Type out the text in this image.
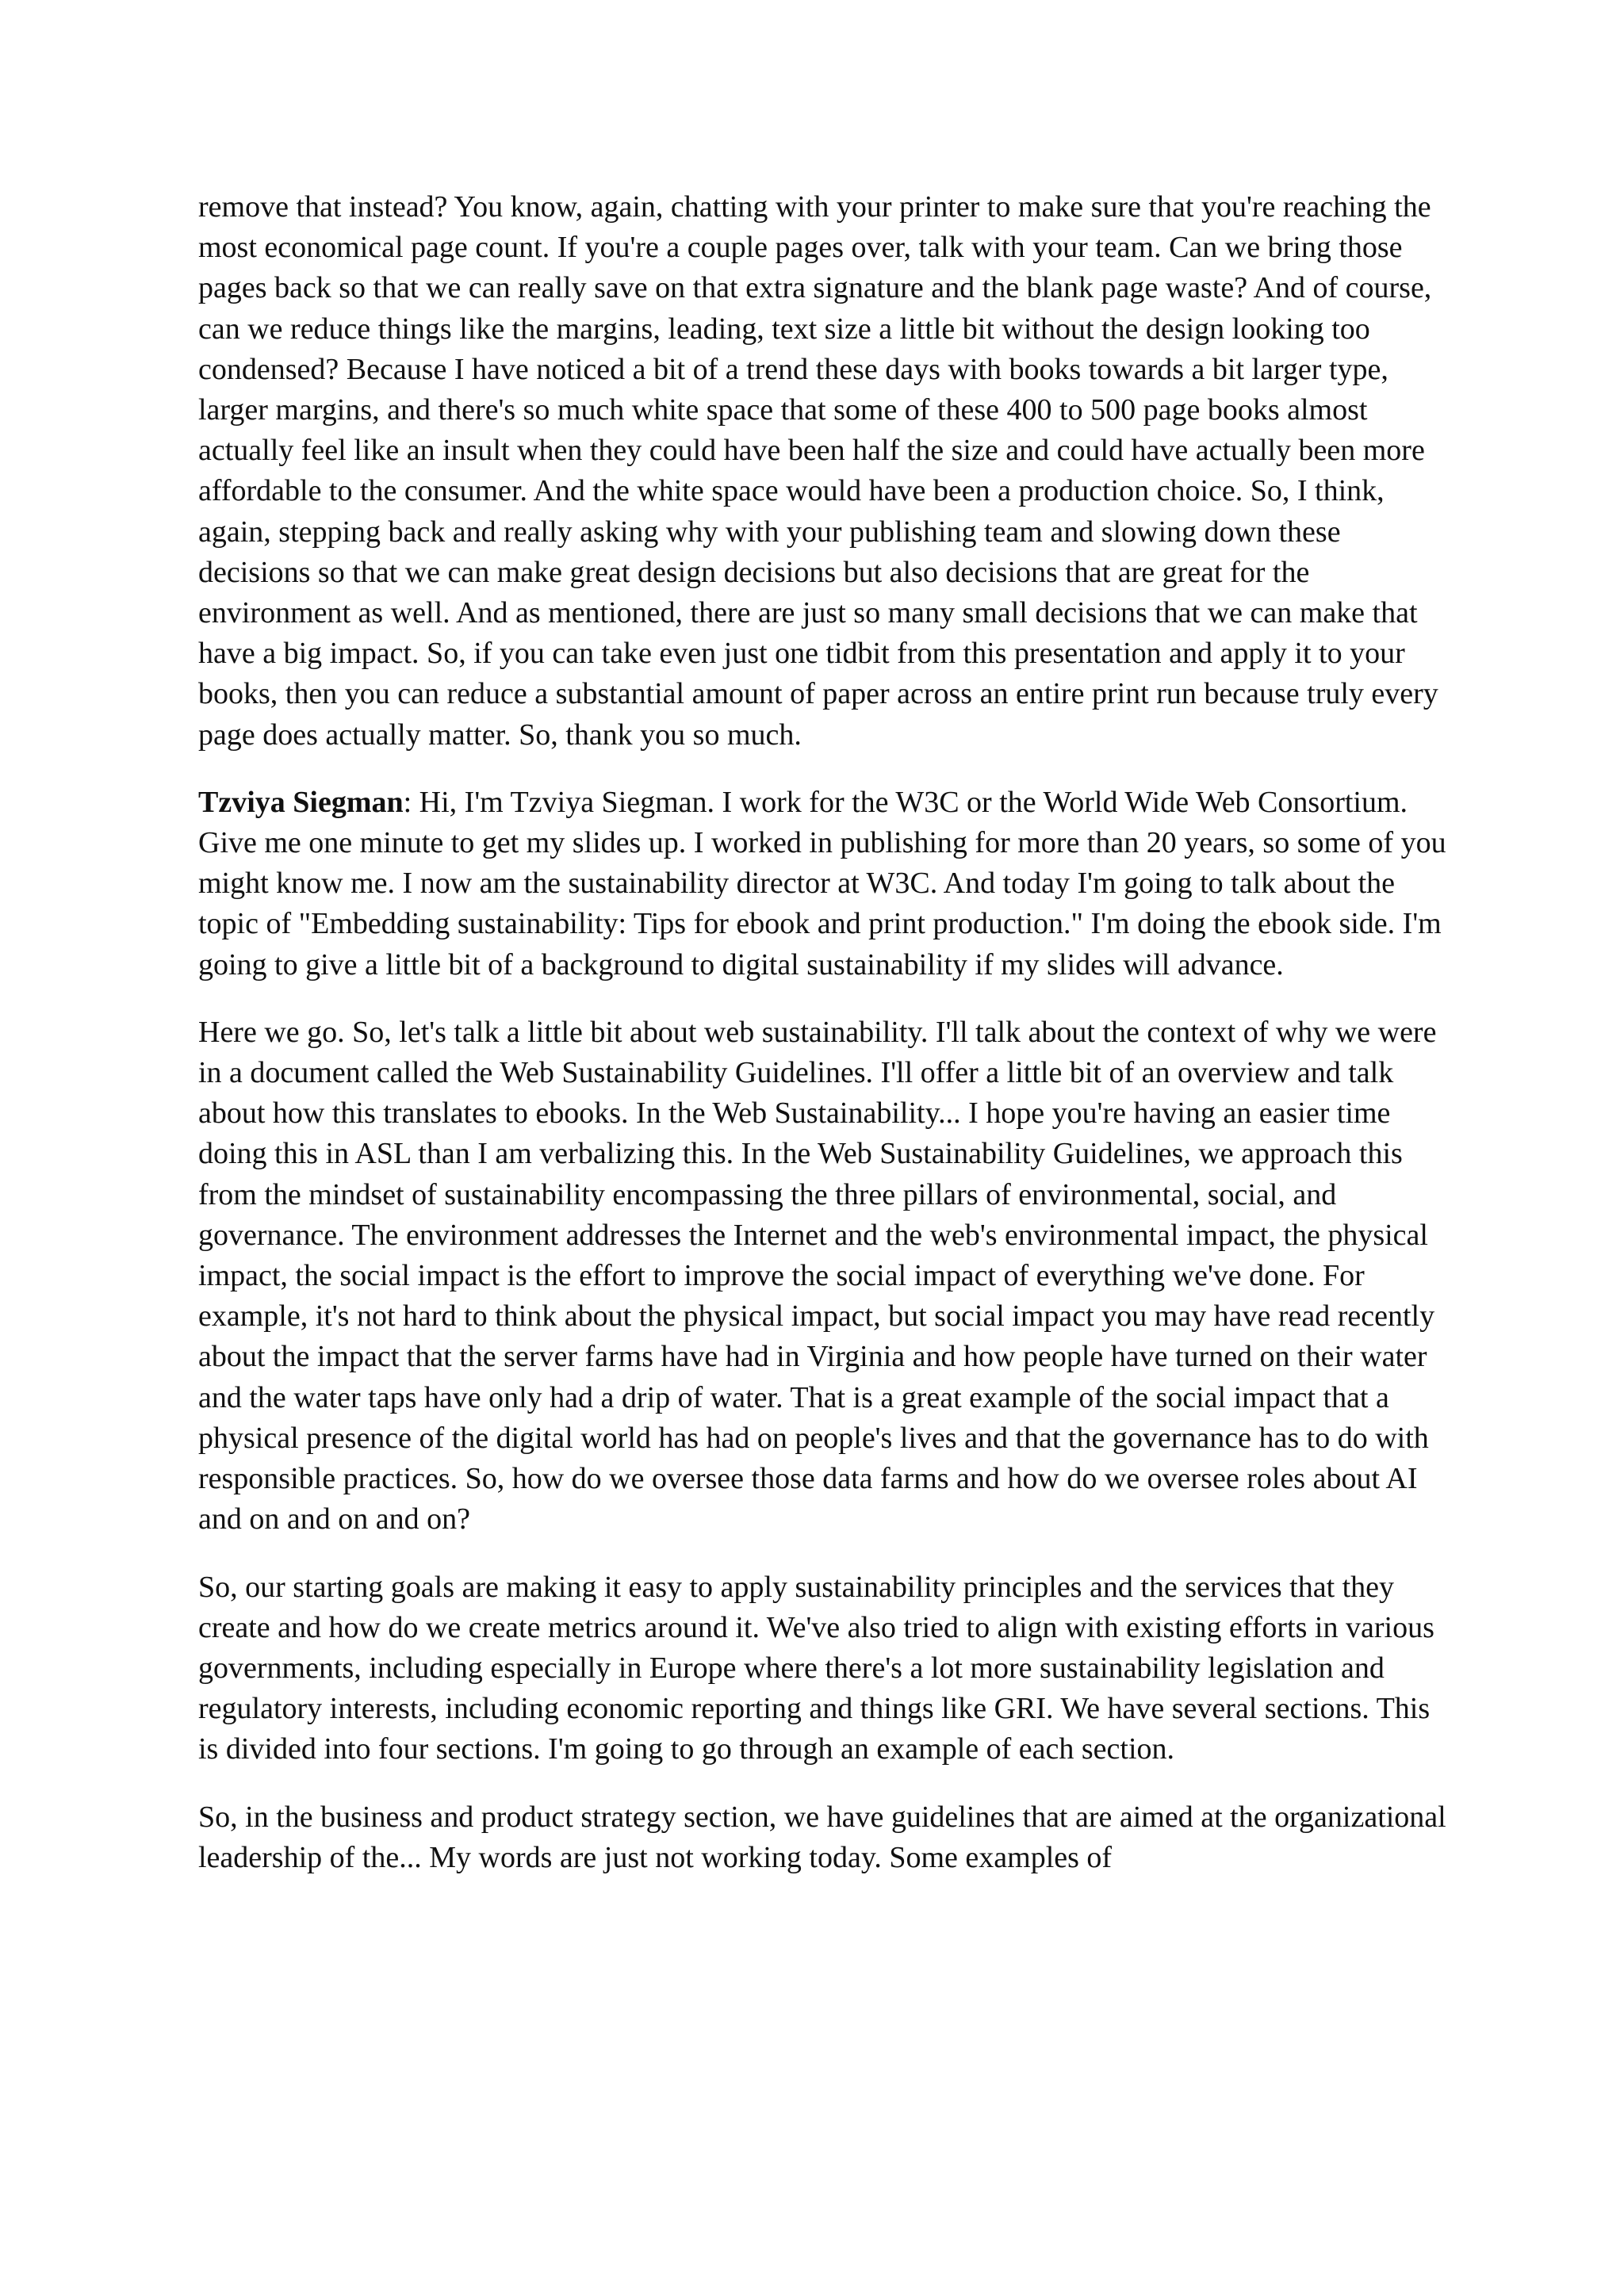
remove that instead? You know, again, chatting with your printer to make sure that you're reaching the most economical page count. If you're a couple pages over, talk with your team. Can we bring those pages back so that we can really save on that extra signature and the blank page waste? And of course, can we reduce things like the margins, leading, text size a little bit without the design looking too condensed? Because I have noticed a bit of a trend these days with books towards a bit larger type, larger margins, and there's so much white space that some of these 400 to 500 page books almost actually feel like an insult when they could have been half the size and could have actually been more affordable to the consumer. And the white space would have been a production choice. So, I think, again, stepping back and really asking why with your publishing team and slowing down these decisions so that we can make great design decisions but also decisions that are great for the environment as well. And as mentioned, there are just so many small decisions that we can make that have a big impact. So, if you can take even just one tidbit from this presentation and apply it to your books, then you can reduce a substantial amount of paper across an entire print run because truly every page does actually matter. So, thank you so much.

Tzviya Siegman: Hi, I'm Tzviya Siegman. I work for the W3C or the World Wide Web Consortium. Give me one minute to get my slides up. I worked in publishing for more than 20 years, so some of you might know me. I now am the sustainability director at W3C. And today I'm going to talk about the topic of "Embedding sustainability: Tips for ebook and print production." I'm doing the ebook side. I'm going to give a little bit of a background to digital sustainability if my slides will advance.

Here we go. So, let's talk a little bit about web sustainability. I'll talk about the context of why we were in a document called the Web Sustainability Guidelines. I'll offer a little bit of an overview and talk about how this translates to ebooks. In the Web Sustainability... I hope you're having an easier time doing this in ASL than I am verbalizing this. In the Web Sustainability Guidelines, we approach this from the mindset of sustainability encompassing the three pillars of environmental, social, and governance. The environment addresses the Internet and the web's environmental impact, the physical impact, the social impact is the effort to improve the social impact of everything we've done. For example, it's not hard to think about the physical impact, but social impact you may have read recently about the impact that the server farms have had in Virginia and how people have turned on their water and the water taps have only had a drip of water. That is a great example of the social impact that a physical presence of the digital world has had on people's lives and that the governance has to do with responsible practices. So, how do we oversee those data farms and how do we oversee roles about AI and on and on and on?

So, our starting goals are making it easy to apply sustainability principles and the services that they create and how do we create metrics around it. We've also tried to align with existing efforts in various governments, including especially in Europe where there's a lot more sustainability legislation and regulatory interests, including economic reporting and things like GRI. We have several sections. This is divided into four sections. I'm going to go through an example of each section.

So, in the business and product strategy section, we have guidelines that are aimed at the organizational leadership of the... My words are just not working today. Some examples of
